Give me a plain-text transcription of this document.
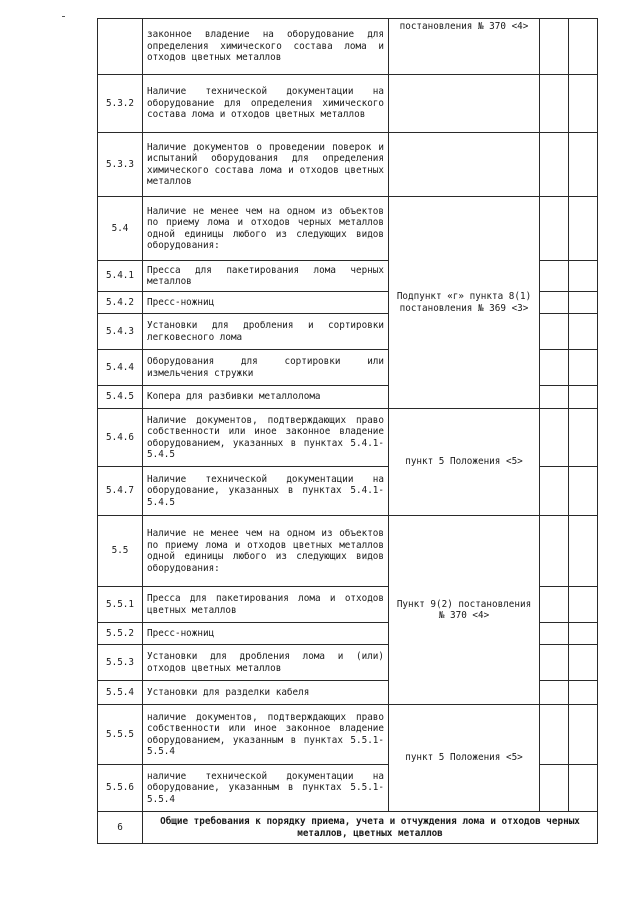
	законное владение на оборудование для определения химического состава лома и отходов цветных металлов	постановления № 370 <4>		
5.3.2	Наличие технической документации на оборудование для определения химического состава лома и отходов цветных металлов			
5.3.3	Наличие документов о проведении поверок и испытаний оборудования для определения химического состава лома и отходов цветных металлов			
5.4	Наличие не менее чем на одном из объектов по приему лома и отходов черных металлов одной единицы любого из следующих видов оборудования:	Подпункт «г» пункта 8(1) постановления № 369 <3>		
5.4.1	Пресса для пакетирования лома черных металлов			
5.4.2	Пресс-ножниц			
5.4.3	Установки для дробления и сортировки легковесного лома			
5.4.4	Оборудования для сортировки или измельчения стружки			
5.4.5	Копера для разбивки металлолома			
5.4.6	Наличие документов, подтверждающих право собственности или иное законное владение оборудованием, указанных в пунктах 5.4.1-5.4.5	пункт 5 Положения <5>		
5.4.7	Наличие технической документации на оборудование, указанных в пунктах 5.4.1-5.4.5			
5.5	Наличие не менее чем на одном из объектов по приему лома и отходов цветных металлов одной единицы любого из следующих видов оборудования:	Пункт 9(2) постановления № 370 <4>		
5.5.1	Пресса для пакетирования лома и отходов цветных металлов			
5.5.2	Пресс-ножниц			
5.5.3	Установки для дробления лома и (или) отходов цветных металлов			
5.5.4	Установки для разделки кабеля			
5.5.5	наличие документов, подтверждающих право собственности или иное законное владение оборудованием, указанным в пунктах 5.5.1-5.5.4	пункт 5 Положения <5>		
5.5.6	наличие технической документации на оборудование, указанным в пунктах 5.5.1-5.5.4			
6	Общие требования к порядку приема, учета и отчуждения лома и отходов черных металлов, цветных металлов			
